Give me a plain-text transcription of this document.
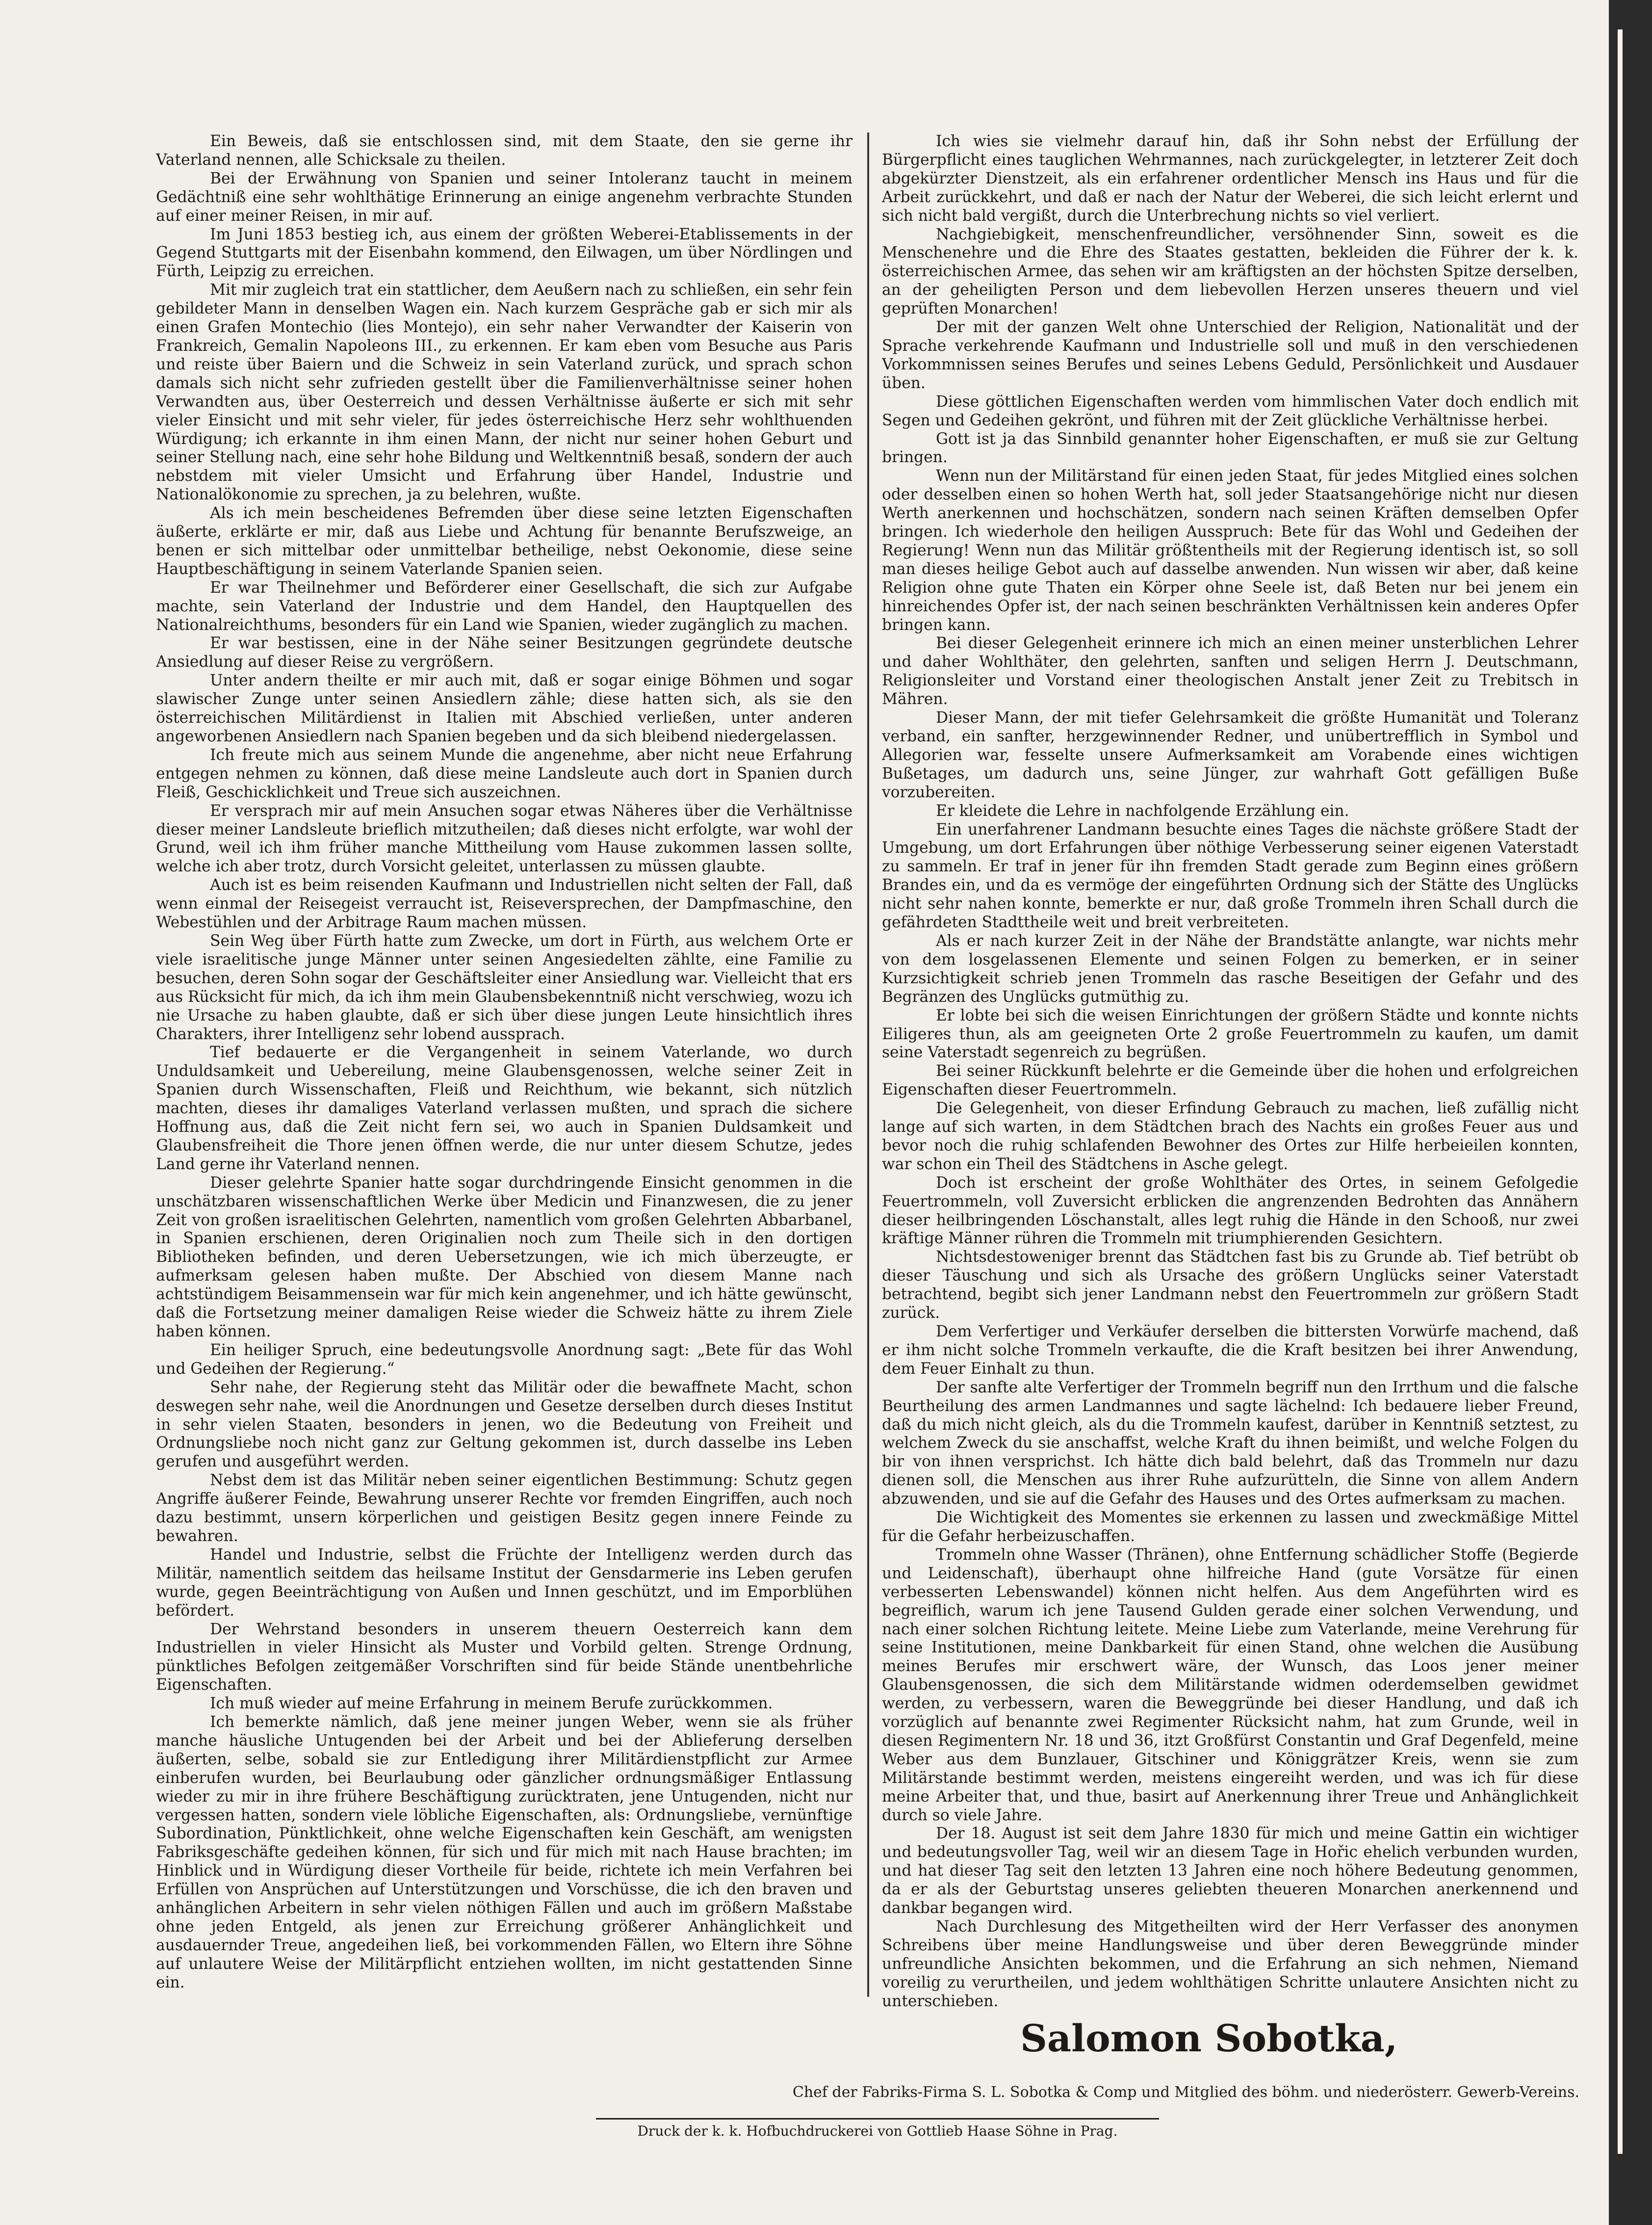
Ein Beweis, daß sie entschlossen sind, mit dem Staate, den sie gerne ihr Vaterland nennen, alle Schicksale zu theilen.

Bei der Erwähnung von Spanien und seiner Intoleranz taucht in meinem Gedächtniß eine sehr wohlthätige Erinnerung an einige angenehm verbrachte Stunden auf einer meiner Reisen, in mir auf.

Im Juni 1853 bestieg ich, aus einem der größten Weberei-Etablissements in der Gegend Stuttgarts mit der Eisenbahn kommend, den Eilwagen, um über Nördlingen und Fürth, Leipzig zu erreichen.

Mit mir zugleich trat ein stattlicher, dem Aeußern nach zu schließen, ein sehr fein gebildeter Mann in denselben Wagen ein. Nach kurzem Gespräche gab er sich mir als einen Grafen Montechio (lies Montejo), ein sehr naher Verwandter der Kaiserin von Frankreich, Gemalin Napoleons III., zu erkennen. Er kam eben vom Besuche aus Paris und reiste über Baiern und die Schweiz in sein Vaterland zurück, und sprach schon damals sich nicht sehr zufrieden gestellt über die Familienverhältnisse seiner hohen Verwandten aus, über Oesterreich und dessen Verhältnisse äußerte er sich mit sehr vieler Einsicht und mit sehr vieler, für jedes österreichische Herz sehr wohlthuenden Würdigung; ich erkannte in ihm einen Mann, der nicht nur seiner hohen Geburt und seiner Stellung nach, eine sehr hohe Bildung und Weltkenntniß besaß, sondern der auch nebstdem mit vieler Umsicht und Erfahrung über Handel, Industrie und Nationalökonomie zu sprechen, ja zu belehren, wußte.

Als ich mein bescheidenes Befremden über diese seine letzten Eigenschaften äußerte, erklärte er mir, daß aus Liebe und Achtung für benannte Berufszweige, an benen er sich mittelbar oder unmittelbar betheilige, nebst Oekonomie, diese seine Hauptbeschäftigung in seinem Vaterlande Spanien seien.

Er war Theilnehmer und Beförderer einer Gesellschaft, die sich zur Aufgabe machte, sein Vaterland der Industrie und dem Handel, den Hauptquellen des Nationalreichthums, besonders für ein Land wie Spanien, wieder zugänglich zu machen.

Er war bestissen, eine in der Nähe seiner Besitzungen gegründete deutsche Ansiedlung auf dieser Reise zu vergrößern.

Unter andern theilte er mir auch mit, daß er sogar einige Böhmen und sogar slawischer Zunge unter seinen Ansiedlern zähle; diese hatten sich, als sie den österreichischen Militärdienst in Italien mit Abschied verließen, unter anderen angeworbenen Ansiedlern nach Spanien begeben und da sich bleibend niedergelassen.

Ich freute mich aus seinem Munde die angenehme, aber nicht neue Erfahrung entgegen nehmen zu können, daß diese meine Landsleute auch dort in Spanien durch Fleiß, Geschicklichkeit und Treue sich auszeichnen.

Er versprach mir auf mein Ansuchen sogar etwas Näheres über die Verhältnisse dieser meiner Landsleute brieflich mitzutheilen; daß dieses nicht erfolgte, war wohl der Grund, weil ich ihm früher manche Mittheilung vom Hause zukommen lassen sollte, welche ich aber trotz, durch Vorsicht geleitet, unterlassen zu müssen glaubte.

Auch ist es beim reisenden Kaufmann und Industriellen nicht selten der Fall, daß wenn einmal der Reisegeist verraucht ist, Reiseversprechen, der Dampfmaschine, den Webestühlen und der Arbitrage Raum machen müssen.

Sein Weg über Fürth hatte zum Zwecke, um dort in Fürth, aus welchem Orte er viele israelitische junge Männer unter seinen Angesiedelten zählte, eine Familie zu besuchen, deren Sohn sogar der Geschäftsleiter einer Ansiedlung war. Vielleicht that ers aus Rücksicht für mich, da ich ihm mein Glaubensbekenntniß nicht verschwieg, wozu ich nie Ursache zu haben glaubte, daß er sich über diese jungen Leute hinsichtlich ihres Charakters, ihrer Intelligenz sehr lobend aussprach.

Tief bedauerte er die Vergangenheit in seinem Vaterlande, wo durch Unduldsamkeit und Uebereilung, meine Glaubensgenossen, welche seiner Zeit in Spanien durch Wissenschaften, Fleiß und Reichthum, wie bekannt, sich nützlich machten, dieses ihr damaliges Vaterland verlassen mußten, und sprach die sichere Hoffnung aus, daß die Zeit nicht fern sei, wo auch in Spanien Duldsamkeit und Glaubensfreiheit die Thore jenen öffnen werde, die nur unter diesem Schutze, jedes Land gerne ihr Vaterland nennen.

Dieser gelehrte Spanier hatte sogar durchdringende Einsicht genommen in die unschätzbaren wissenschaftlichen Werke über Medicin und Finanzwesen, die zu jener Zeit von großen israelitischen Gelehrten, namentlich vom großen Gelehrten Abbarbanel, in Spanien erschienen, deren Originalien noch zum Theile sich in den dortigen Bibliotheken befinden, und deren Uebersetzungen, wie ich mich überzeugte, er aufmerksam gelesen haben mußte. Der Abschied von diesem Manne nach achtstündigem Beisammensein war für mich kein angenehmer, und ich hätte gewünscht, daß die Fortsetzung meiner damaligen Reise wieder die Schweiz hätte zu ihrem Ziele haben können.

Ein heiliger Spruch, eine bedeutungsvolle Anordnung sagt: „Bete für das Wohl und Gedeihen der Regierung.“

Sehr nahe, der Regierung steht das Militär oder die bewaffnete Macht, schon deswegen sehr nahe, weil die Anordnungen und Gesetze derselben durch dieses Institut in sehr vielen Staaten, besonders in jenen, wo die Bedeutung von Freiheit und Ordnungsliebe noch nicht ganz zur Geltung gekommen ist, durch dasselbe ins Leben gerufen und ausgeführt werden.

Nebst dem ist das Militär neben seiner eigentlichen Bestimmung: Schutz gegen Angriffe äußerer Feinde, Bewahrung unserer Rechte vor fremden Eingriffen, auch noch dazu bestimmt, unsern körperlichen und geistigen Besitz gegen innere Feinde zu bewahren.

Handel und Industrie, selbst die Früchte der Intelligenz werden durch das Militär, namentlich seitdem das heilsame Institut der Gensdarmerie ins Leben gerufen wurde, gegen Beeinträchtigung von Außen und Innen geschützt, und im Emporblühen befördert.

Der Wehrstand besonders in unserem theuern Oesterreich kann dem Industriellen in vieler Hinsicht als Muster und Vorbild gelten. Strenge Ordnung, pünktliches Befolgen zeitgemäßer Vorschriften sind für beide Stände unentbehrliche Eigenschaften.

Ich muß wieder auf meine Erfahrung in meinem Berufe zurückkommen.

Ich bemerkte nämlich, daß jene meiner jungen Weber, wenn sie als früher manche häusliche Untugenden bei der Arbeit und bei der Ablieferung derselben äußerten, selbe, sobald sie zur Entledigung ihrer Militärdienstpflicht zur Armee einberufen wurden, bei Beurlaubung oder gänzlicher ordnungsmäßiger Entlassung wieder zu mir in ihre frühere Beschäftigung zurücktraten, jene Untugenden, nicht nur vergessen hatten, sondern viele löbliche Eigenschaften, als: Ordnungsliebe, vernünftige Subordination, Pünktlichkeit, ohne welche Eigenschaften kein Geschäft, am wenigsten Fabriksgeschäfte gedeihen können, für sich und für mich mit nach Hause brachten; im Hinblick und in Würdigung dieser Vortheile für beide, richtete ich mein Verfahren bei Erfüllen von Ansprüchen auf Unterstützungen und Vorschüsse, die ich den braven und anhänglichen Arbeitern in sehr vielen nöthigen Fällen und auch im größern Maßstabe ohne jeden Entgeld, als jenen zur Erreichung größerer Anhänglichkeit und ausdauernder Treue, angedeihen ließ, bei vorkommenden Fällen, wo Eltern ihre Söhne auf unlautere Weise der Militärpflicht entziehen wollten, im nicht gestattenden Sinne ein.

Ich wies sie vielmehr darauf hin, daß ihr Sohn nebst der Erfüllung der Bürgerpflicht eines tauglichen Wehrmannes, nach zurückgelegter, in letzterer Zeit doch abgekürzter Dienstzeit, als ein erfahrener ordentlicher Mensch ins Haus und für die Arbeit zurückkehrt, und daß er nach der Natur der Weberei, die sich leicht erlernt und sich nicht bald vergißt, durch die Unterbrechung nichts so viel verliert.

Nachgiebigkeit, menschenfreundlicher, versöhnender Sinn, soweit es die Menschenehre und die Ehre des Staates gestatten, bekleiden die Führer der k. k. österreichischen Armee, das sehen wir am kräftigsten an der höchsten Spitze derselben, an der geheiligten Person und dem liebevollen Herzen unseres theuern und viel geprüften Monarchen!

Der mit der ganzen Welt ohne Unterschied der Religion, Nationalität und der Sprache verkehrende Kaufmann und Industrielle soll und muß in den verschiedenen Vorkommnissen seines Berufes und seines Lebens Geduld, Persönlichkeit und Ausdauer üben.

Diese göttlichen Eigenschaften werden vom himmlischen Vater doch endlich mit Segen und Gedeihen gekrönt, und führen mit der Zeit glückliche Verhältnisse herbei.

Gott ist ja das Sinnbild genannter hoher Eigenschaften, er muß sie zur Geltung bringen.

Wenn nun der Militärstand für einen jeden Staat, für jedes Mitglied eines solchen oder desselben einen so hohen Werth hat, soll jeder Staatsangehörige nicht nur diesen Werth anerkennen und hochschätzen, sondern nach seinen Kräften demselben Opfer bringen. Ich wiederhole den heiligen Ausspruch: Bete für das Wohl und Gedeihen der Regierung! Wenn nun das Militär größtentheils mit der Regierung identisch ist, so soll man dieses heilige Gebot auch auf dasselbe anwenden. Nun wissen wir aber, daß keine Religion ohne gute Thaten ein Körper ohne Seele ist, daß Beten nur bei jenem ein hinreichendes Opfer ist, der nach seinen beschränkten Verhältnissen kein anderes Opfer bringen kann.

Bei dieser Gelegenheit erinnere ich mich an einen meiner unsterblichen Lehrer und daher Wohlthäter, den gelehrten, sanften und seligen Herrn J. Deutschmann, Religionsleiter und Vorstand einer theologischen Anstalt jener Zeit zu Trebitsch in Mähren.

Dieser Mann, der mit tiefer Gelehrsamkeit die größte Humanität und Toleranz verband, ein sanfter, herzgewinnender Redner, und unübertrefflich in Symbol und Allegorien war, fesselte unsere Aufmerksamkeit am Vorabende eines wichtigen Bußetages, um dadurch uns, seine Jünger, zur wahrhaft Gott gefälligen Buße vorzubereiten.

Er kleidete die Lehre in nachfolgende Erzählung ein.

Ein unerfahrener Landmann besuchte eines Tages die nächste größere Stadt der Umgebung, um dort Erfahrungen über nöthige Verbesserung seiner eigenen Vaterstadt zu sammeln. Er traf in jener für ihn fremden Stadt gerade zum Beginn eines größern Brandes ein, und da es vermöge der eingeführten Ordnung sich der Stätte des Unglücks nicht sehr nahen konnte, bemerkte er nur, daß große Trommeln ihren Schall durch die gefährdeten Stadttheile weit und breit verbreiteten.

Als er nach kurzer Zeit in der Nähe der Brandstätte anlangte, war nichts mehr von dem losgelassenen Elemente und seinen Folgen zu bemerken, er in seiner Kurzsichtigkeit schrieb jenen Trommeln das rasche Beseitigen der Gefahr und des Begränzen des Unglücks gutmüthig zu.

Er lobte bei sich die weisen Einrichtungen der größern Städte und konnte nichts Eiligeres thun, als am geeigneten Orte 2 große Feuertrommeln zu kaufen, um damit seine Vaterstadt segenreich zu begrüßen.

Bei seiner Rückkunft belehrte er die Gemeinde über die hohen und erfolgreichen Eigenschaften dieser Feuertrommeln.

Die Gelegenheit, von dieser Erfindung Gebrauch zu machen, ließ zufällig nicht lange auf sich warten, in dem Städtchen brach des Nachts ein großes Feuer aus und bevor noch die ruhig schlafenden Bewohner des Ortes zur Hilfe herbeieilen konnten, war schon ein Theil des Städtchens in Asche gelegt.

Doch ist erscheint der große Wohlthäter des Ortes, in seinem Gefolgedie Feuertrommeln, voll Zuversicht erblicken die angrenzenden Bedrohten das Annähern dieser heilbringenden Löschanstalt, alles legt ruhig die Hände in den Schooß, nur zwei kräftige Männer rühren die Trommeln mit triumphierenden Gesichtern.

Nichtsdestoweniger brennt das Städtchen fast bis zu Grunde ab. Tief betrübt ob dieser Täuschung und sich als Ursache des größern Unglücks seiner Vaterstadt betrachtend, begibt sich jener Landmann nebst den Feuertrommeln zur größern Stadt zurück.

Dem Verfertiger und Verkäufer derselben die bittersten Vorwürfe machend, daß er ihm nicht solche Trommeln verkaufte, die die Kraft besitzen bei ihrer Anwendung, dem Feuer Einhalt zu thun.

Der sanfte alte Verfertiger der Trommeln begriff nun den Irrthum und die falsche Beurtheilung des armen Landmannes und sagte lächelnd: Ich bedauere lieber Freund, daß du mich nicht gleich, als du die Trommeln kaufest, darüber in Kenntniß setztest, zu welchem Zweck du sie anschaffst, welche Kraft du ihnen beimißt, und welche Folgen du bir von ihnen versprichst. Ich hätte dich bald belehrt, daß das Trommeln nur dazu dienen soll, die Menschen aus ihrer Ruhe aufzurütteln, die Sinne von allem Andern abzuwenden, und sie auf die Gefahr des Hauses und des Ortes aufmerksam zu machen.

Die Wichtigkeit des Momentes sie erkennen zu lassen und zweckmäßige Mittel für die Gefahr herbeizuschaffen.

Trommeln ohne Wasser (Thränen), ohne Entfernung schädlicher Stoffe (Begierde und Leidenschaft), überhaupt ohne hilfreiche Hand (gute Vorsätze für einen verbesserten Lebenswandel) können nicht helfen. Aus dem Angeführten wird es begreiflich, warum ich jene Tausend Gulden gerade einer solchen Verwendung, und nach einer solchen Richtung leitete. Meine Liebe zum Vaterlande, meine Verehrung für seine Institutionen, meine Dankbarkeit für einen Stand, ohne welchen die Ausübung meines Berufes mir erschwert wäre, der Wunsch, das Loos jener meiner Glaubensgenossen, die sich dem Militärstande widmen oderdemselben gewidmet werden, zu verbessern, waren die Beweggründe bei dieser Handlung, und daß ich vorzüglich auf benannte zwei Regimenter Rücksicht nahm, hat zum Grunde, weil in diesen Regimentern Nr. 18 und 36, itzt Großfürst Constantin und Graf Degenfeld, meine Weber aus dem Bunzlauer, Gitschiner und Königgrätzer Kreis, wenn sie zum Militärstande bestimmt werden, meistens eingereiht werden, und was ich für diese meine Arbeiter that, und thue, basirt auf Anerkennung ihrer Treue und Anhänglichkeit durch so viele Jahre.

Der 18. August ist seit dem Jahre 1830 für mich und meine Gattin ein wichtiger und bedeutungsvoller Tag, weil wir an diesem Tage in Hořic ehelich verbunden wurden, und hat dieser Tag seit den letzten 13 Jahren eine noch höhere Bedeutung genommen, da er als der Geburtstag unseres geliebten theueren Monarchen anerkennend und dankbar begangen wird.

Nach Durchlesung des Mitgetheilten wird der Herr Verfasser des anonymen Schreibens über meine Handlungsweise und über deren Beweggründe minder unfreundliche Ansichten bekommen, und die Erfahrung an sich nehmen, Niemand voreilig zu verurtheilen, und jedem wohlthätigen Schritte unlautere Ansichten nicht zu unterschieben.

Salomon Sobotka,
Chef der Fabriks-Firma S. L. Sobotka & Comp und Mitglied des böhm. und niederösterr. Gewerb-Vereins.
Druck der k. k. Hofbuchdruckerei von Gottlieb Haase Söhne in Prag.
